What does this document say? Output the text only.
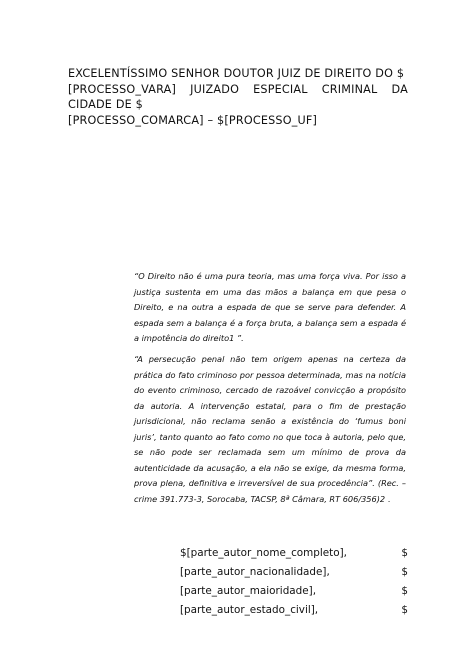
EXCELENTÍSSIMO SENHOR DOUTOR JUIZ DE DIREITO DO $
[PROCESSO_VARA] JUIZADO ESPECIAL CRIMINAL DA CIDADE DE $
[PROCESSO_COMARCA] – $[PROCESSO_UF]
“O Direito não é uma pura teoria, mas uma força viva. Por isso a justiça sustenta em uma das mãos a balança em que pesa o Direito, e na outra a espada de que se serve para defender. A espada sem a balança é a força bruta, a balança sem a espada é a impotência do direito1 ”.
“A persecução penal não tem origem apenas na certeza da prática do fato criminoso por pessoa determinada, mas na notícia do evento criminoso, cercado de razoável convicção a propósito da autoria. A intervenção estatal, para o fim de prestação jurisdicional, não reclama senão a existência do ‘fumus boni juris’, tanto quanto ao fato como no que toca à autoria, pelo que, se não pode ser reclamada sem um mínimo de prova da autenticidade da acusação, a ela não se exige, da mesma forma, prova plena, definitiva e irreversível de sua procedência”. (Rec. – crime 391.773-3, Sorocaba, TACSP, 8ª Câmara, RT 606/356)2 .
$[parte_autor_nome_completo],	$
[parte_autor_nacionalidade],	$
[parte_autor_maioridade],	$
[parte_autor_estado_civil],	$
